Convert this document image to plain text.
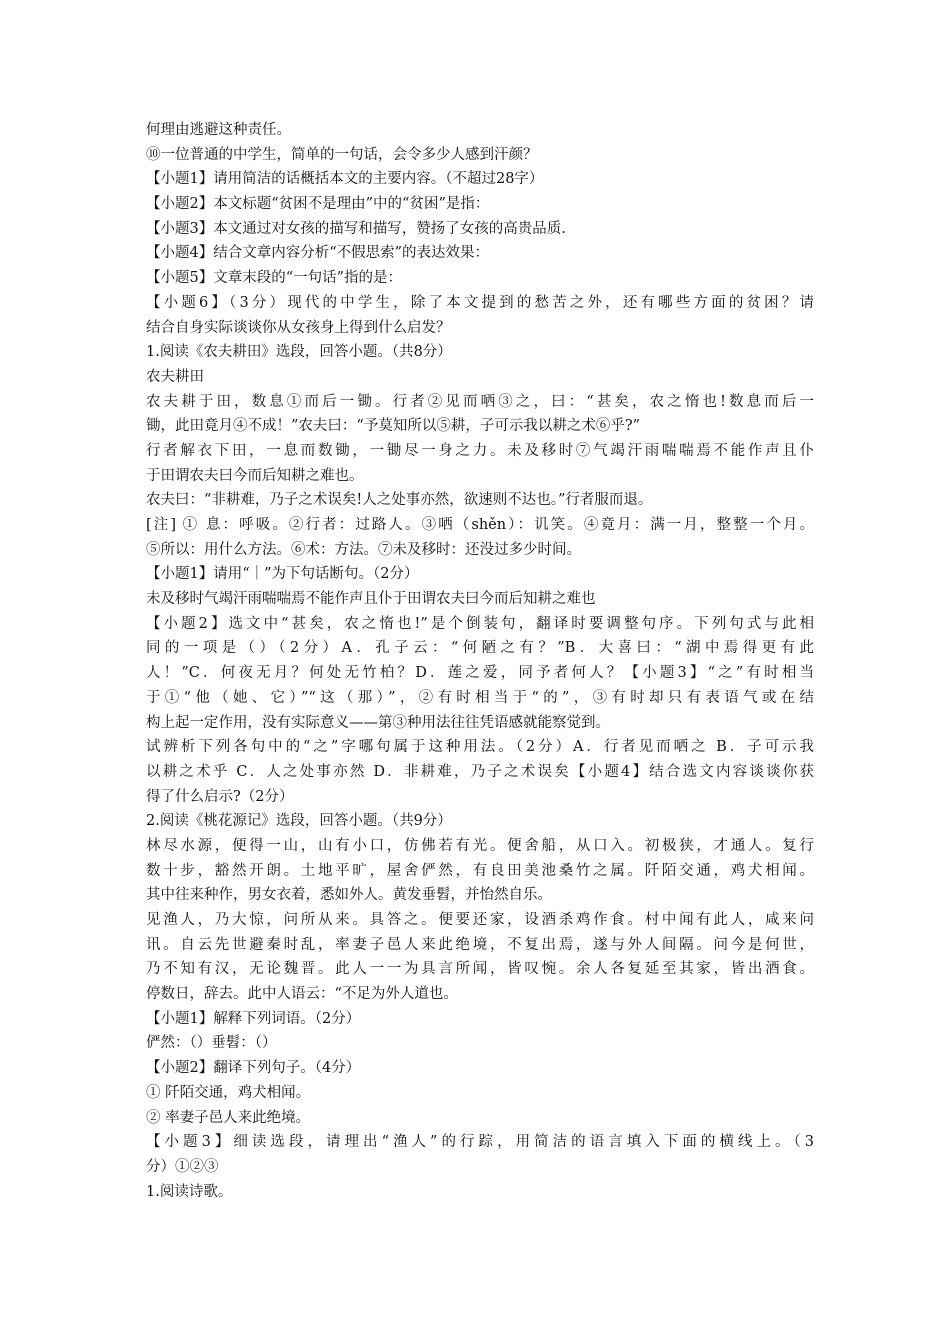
何理由逃避这种责任。
⑩一位普通的中学生，简单的一句话，会令多少人感到汗颜？
【小题1】请用简洁的话概括本文的主要内容。（不超过28字）
【小题2】本文标题“贫困不是理由”中的“贫困”是指：
【小题3】本文通过对女孩的描写和描写，赞扬了女孩的高贵品质.
【小题4】结合文章内容分析“不假思索”的表达效果：
【小题5】文章末段的“一句话”指的是：
【小题6】（3分）现代的中学生，除了本文提到的愁苦之外，还有哪些方面的贫困？请
结合自身实际谈谈你从女孩身上得到什么启发？
1.阅读《农夫耕田》选段，回答小题。（共8分）
农夫耕田
农夫耕于田，数息①而后一锄。行者②见而哂③之，曰：“甚矣，农之惰也!数息而后一
锄，此田竟月④不成！”农夫曰：“予莫知所以⑤耕，子可示我以耕之术⑥乎?”
行者解衣下田，一息而数锄，一锄尽一身之力。未及移时⑦气竭汗雨喘喘焉不能作声且仆
于田谓农夫曰今而后知耕之难也。
农夫曰：“非耕难，乃子之术误矣!人之处事亦然，欲速则不达也。”行者服而退。
[注] ① 息：呼吸。②行者：过路人。③哂（shěn）：讥笑。④竟月：满一月，整整一个月。
⑤所以：用什么方法。⑥术：方法。⑦未及移时：还没过多少时间。
【小题1】请用“｜”为下句话断句。（2分）
未及移时气竭汗雨喘喘焉不能作声且仆于田谓农夫曰今而后知耕之难也
【小题2】选文中“甚矣，农之惰也!”是个倒装句，翻译时要调整句序。下列句式与此相
同的一项是（）（2分）A．孔子云：“何陋之有？”B．大喜曰：“湖中焉得更有此
人！”C．何夜无月？何处无竹柏？D．莲之爱，同予者何人？【小题3】“之”有时相当
于①“他（她、它）”“这（那）”，②有时相当于“的”，③有时却只有表语气或在结
构上起一定作用，没有实际意义——第③种用法往往凭语感就能察觉到。
试辨析下列各句中的“之”字哪句属于这种用法。（2分）A．行者见而哂之 B．子可示我
以耕之术乎 C．人之处事亦然 D．非耕难，乃子之术误矣【小题4】结合选文内容谈谈你获
得了什么启示?（2分）
2.阅读《桃花源记》选段，回答小题。（共9分）
林尽水源，便得一山，山有小口，仿佛若有光。便舍船，从口入。初极狭，才通人。复行
数十步，豁然开朗。土地平旷，屋舍俨然，有良田美池桑竹之属。阡陌交通，鸡犬相闻。
其中往来种作，男女衣着，悉如外人。黄发垂髫，并怡然自乐。
见渔人，乃大惊，问所从来。具答之。便要还家，设酒杀鸡作食。村中闻有此人，咸来问
讯。自云先世避秦时乱，率妻子邑人来此绝境，不复出焉，遂与外人间隔。问今是何世，
乃不知有汉，无论魏晋。此人一一为具言所闻，皆叹惋。余人各复延至其家，皆出酒食。
停数日，辞去。此中人语云：“不足为外人道也。
【小题1】解释下列词语。（2分）
俨然：（）垂髫：（）
【小题2】翻译下列句子。（4分）
① 阡陌交通，鸡犬相闻。
② 率妻子邑人来此绝境。
【小题3】细读选段，请理出“渔人”的行踪，用简洁的语言填入下面的横线上。（3
分）①②③
1.阅读诗歌。
